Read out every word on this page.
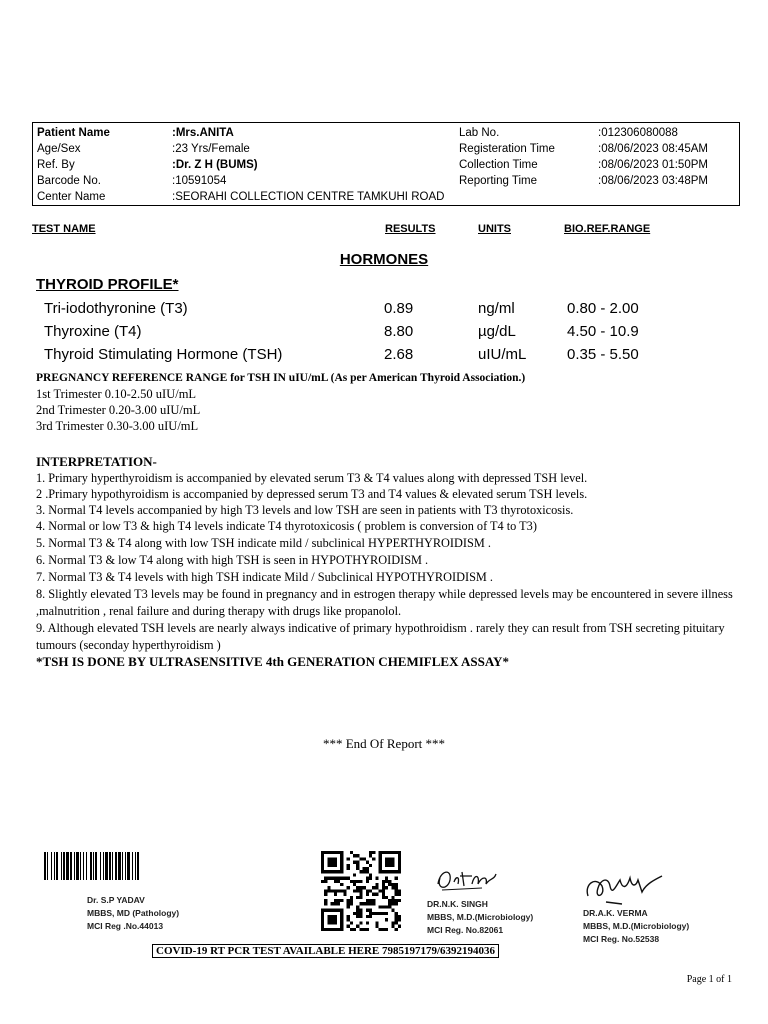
Patient Name	:Mrs.ANITA	Lab No.	:012306080088
Age/Sex	:23 Yrs/Female	Registeration Time	:08/06/2023 08:45AM
Ref. By	:Dr. Z H (BUMS)	Collection Time	:08/06/2023 01:50PM
Barcode No.	:10591054	Reporting Time	:08/06/2023 03:48PM
Center Name	:SEORAHI COLLECTION CENTRE TAMKUHI ROAD
TEST NAME	RESULTS	UNITS	BIO.REF.RANGE
HORMONES
THYROID PROFILE*
Tri-iodothyronine (T3)	0.89	ng/ml	0.80 - 2.00
Thyroxine (T4)	8.80	µg/dL	4.50 - 10.9
Thyroid Stimulating Hormone (TSH)	2.68	uIU/mL	0.35 - 5.50
PREGNANCY REFERENCE RANGE for TSH IN uIU/mL (As per American Thyroid Association.)
1st Trimester 0.10-2.50 uIU/mL
2nd Trimester 0.20-3.00 uIU/mL
3rd Trimester 0.30-3.00 uIU/mL
INTERPRETATION-
1. Primary hyperthyroidism is accompanied by elevated serum T3 & T4 values along with depressed TSH level.
2 .Primary hypothyroidism is accompanied by depressed serum T3 and T4 values & elevated serum TSH levels.
3. Normal T4 levels accompanied by high T3 levels and low TSH are seen in patients with T3 thyrotoxicosis.
4. Normal or low T3 & high T4 levels indicate T4 thyrotoxicosis ( problem is conversion of T4 to T3)
5. Normal T3 & T4 along with low TSH indicate mild / subclinical HYPERTHYROIDISM .
6. Normal T3 & low T4 along with high TSH is seen in HYPOTHYROIDISM .
7. Normal T3 & T4 levels with high TSH indicate Mild / Subclinical HYPOTHYROIDISM .
8. Slightly elevated T3 levels may be found in pregnancy and in estrogen therapy while depressed levels may be encountered in severe illness ,malnutrition , renal failure and during therapy with drugs like propanolol.
9. Although elevated TSH levels are nearly always indicative of primary hypothroidism . rarely they can result from TSH secreting pituitary tumours (seconday hyperthyroidism )
*TSH IS DONE BY ULTRASENSITIVE 4th GENERATION CHEMIFLEX ASSAY*
*** End Of Report ***
Dr. S.P YADAV
MBBS, MD (Pathology)
MCI Reg .No.44013
DR.N.K. SINGH
MBBS, M.D.(Microbiology)
MCI Reg. No.82061
DR.A.K. VERMA
MBBS, M.D.(Microbiology)
MCI Reg. No.52538
COVID-19 RT PCR TEST AVAILABLE HERE 7985197179/6392194036
Page 1 of 1
